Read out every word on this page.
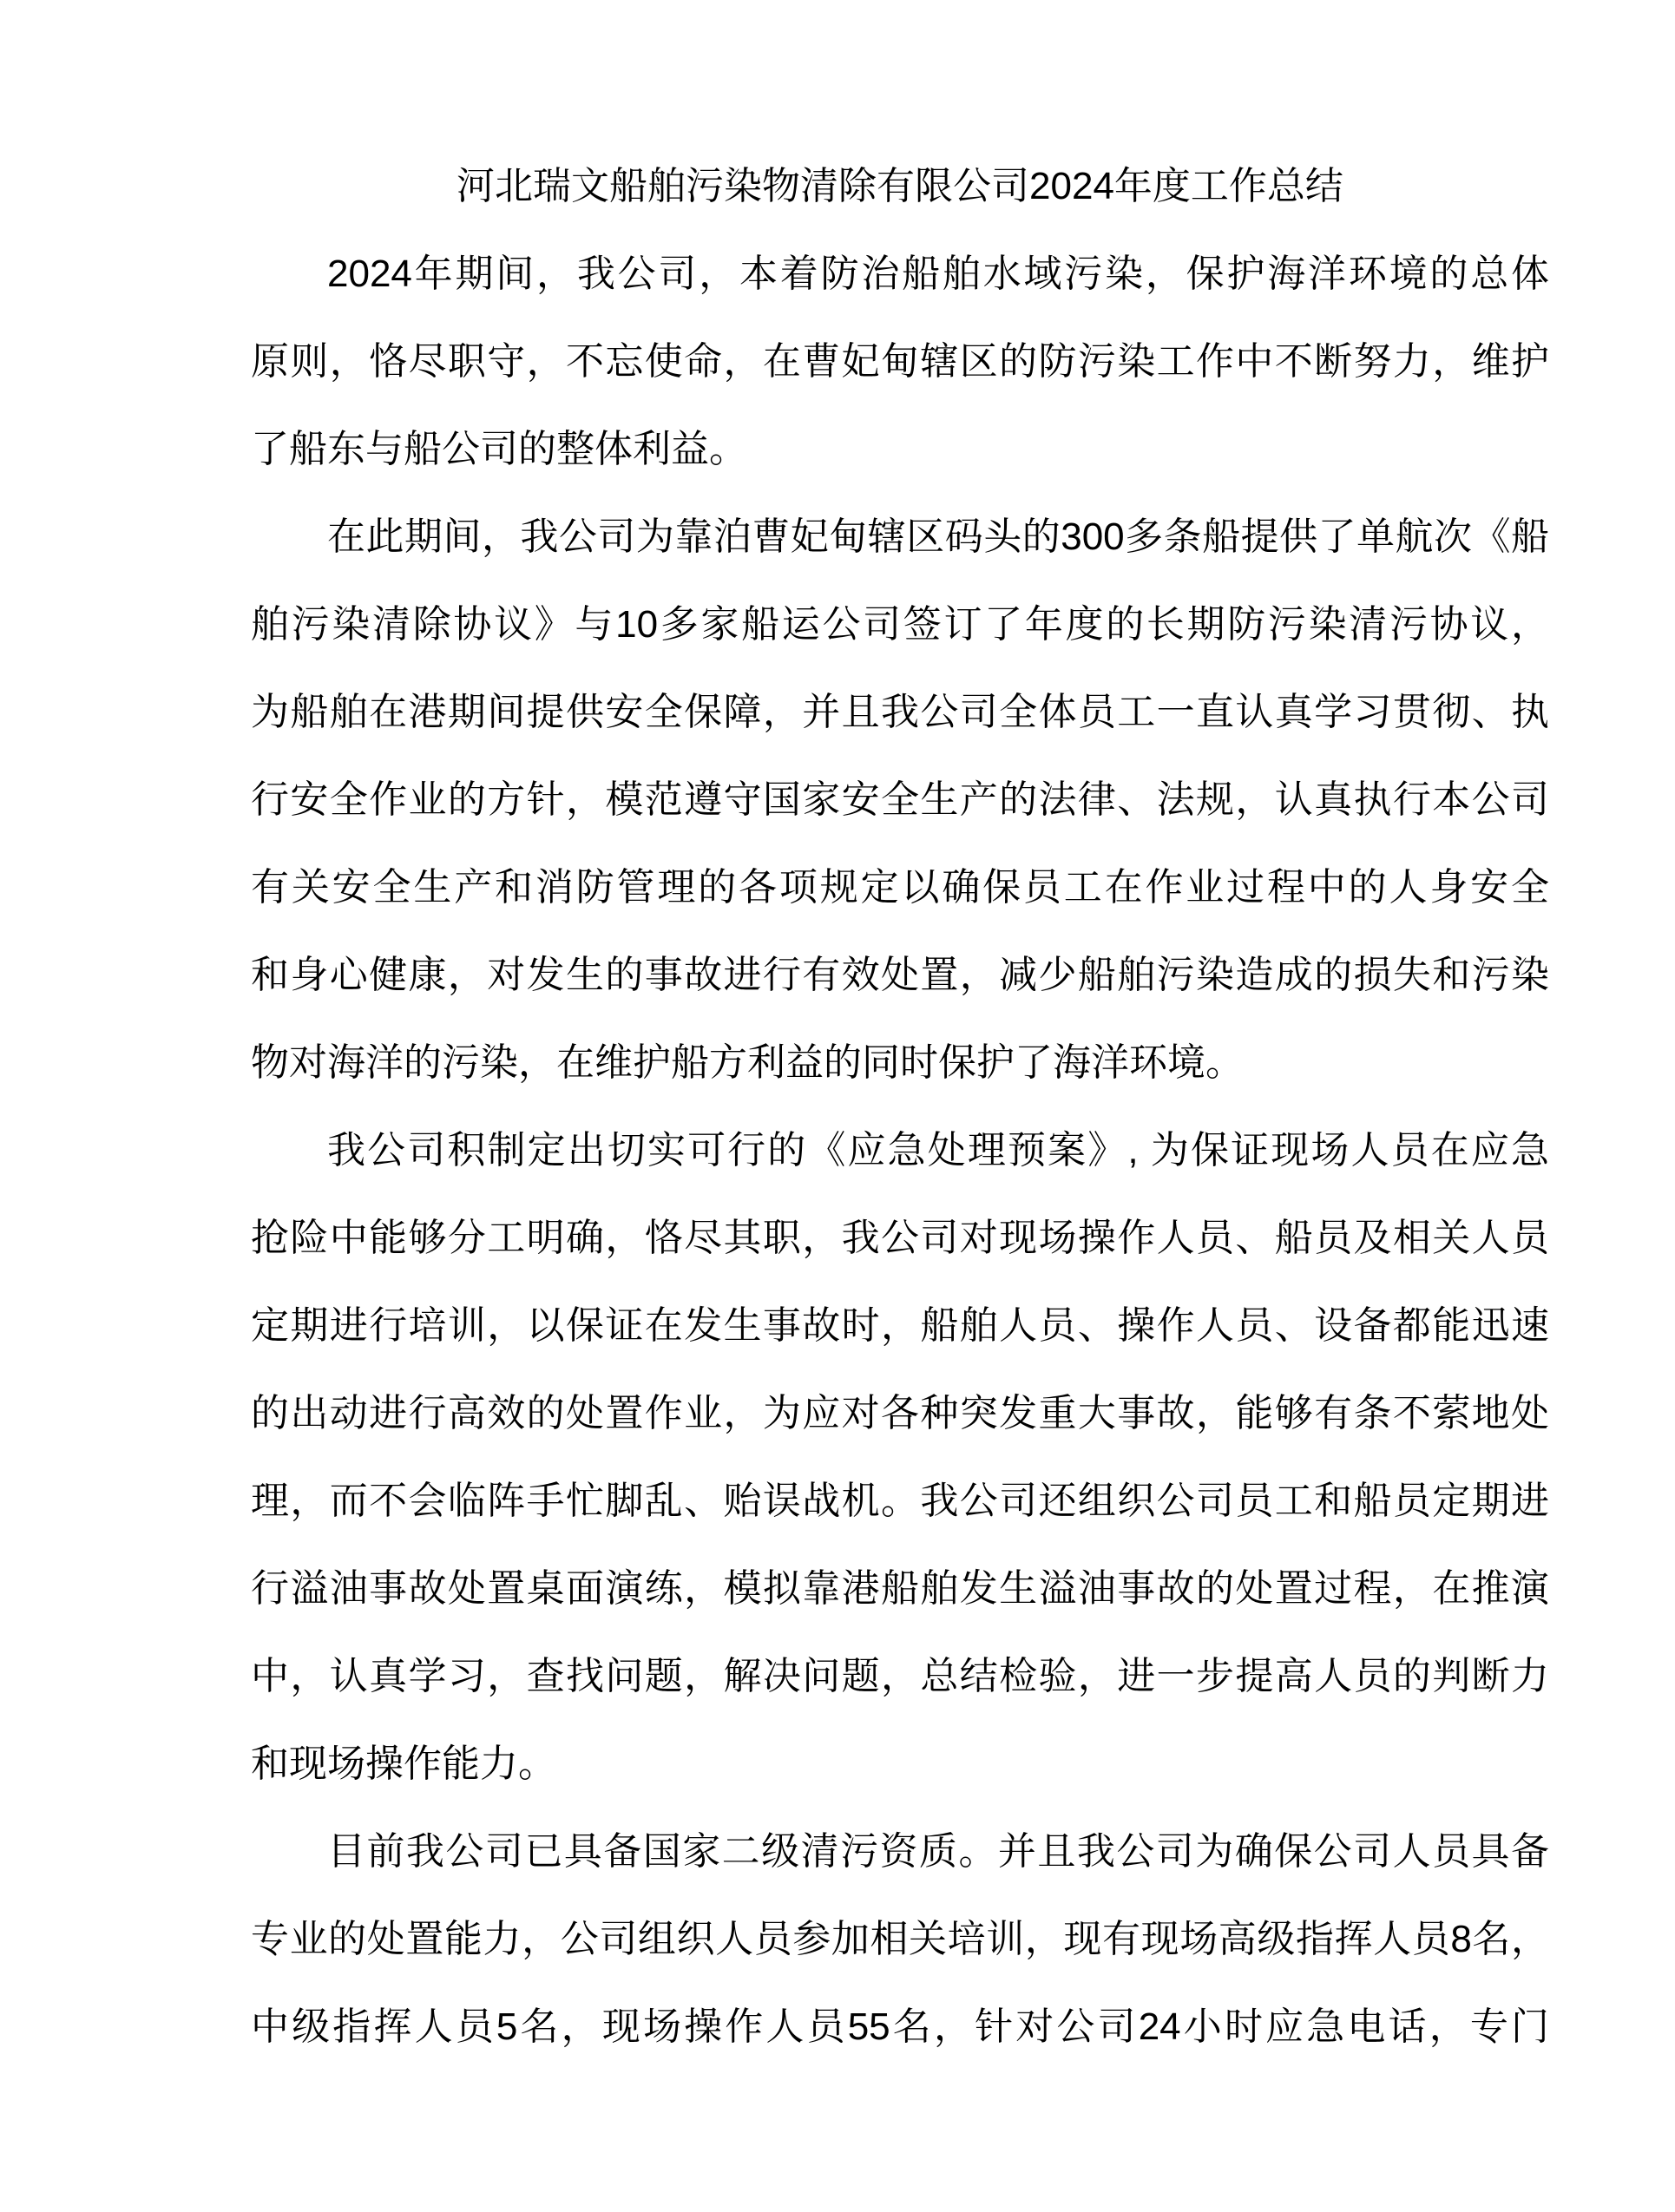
河北瑞文船舶污染物清除有限公司2024年度工作总结
2024年期间，我公司，本着防治船舶水域污染，保护海洋环境的总体
原则，恪尽职守，不忘使命，在曹妃甸辖区的防污染工作中不断努力，维护
了船东与船公司的整体利益。
在此期间，我公司为靠泊曹妃甸辖区码头的300多条船提供了单航次《船
舶污染清除协议》与10多家船运公司签订了年度的长期防污染清污协议，
为船舶在港期间提供安全保障，并且我公司全体员工一直认真学习贯彻、执
行安全作业的方针，模范遵守国家安全生产的法律、法规，认真执行本公司
有关安全生产和消防管理的各项规定以确保员工在作业过程中的人身安全
和身心健康，对发生的事故进行有效处置，减少船舶污染造成的损失和污染
物对海洋的污染，在维护船方利益的同时保护了海洋环境。
我公司积制定出切实可行的《应急处理预案》, 为保证现场人员在应急
抢险中能够分工明确，恪尽其职，我公司对现场操作人员、船员及相关人员
定期进行培训，以保证在发生事故时，船舶人员、操作人员、设备都能迅速
的出动进行高效的处置作业，为应对各种突发重大事故，能够有条不萦地处
理，而不会临阵手忙脚乱、贻误战机。我公司还组织公司员工和船员定期进
行溢油事故处置桌面演练，模拟靠港船舶发生溢油事故的处置过程，在推演
中，认真学习，查找问题，解决问题，总结检验，进一步提高人员的判断力
和现场操作能力。
目前我公司已具备国家二级清污资质。并且我公司为确保公司人员具备
专业的处置能力，公司组织人员参加相关培训，现有现场高级指挥人员8名，
中级指挥人员5名，现场操作人员55名，针对公司24小时应急电话，专门
